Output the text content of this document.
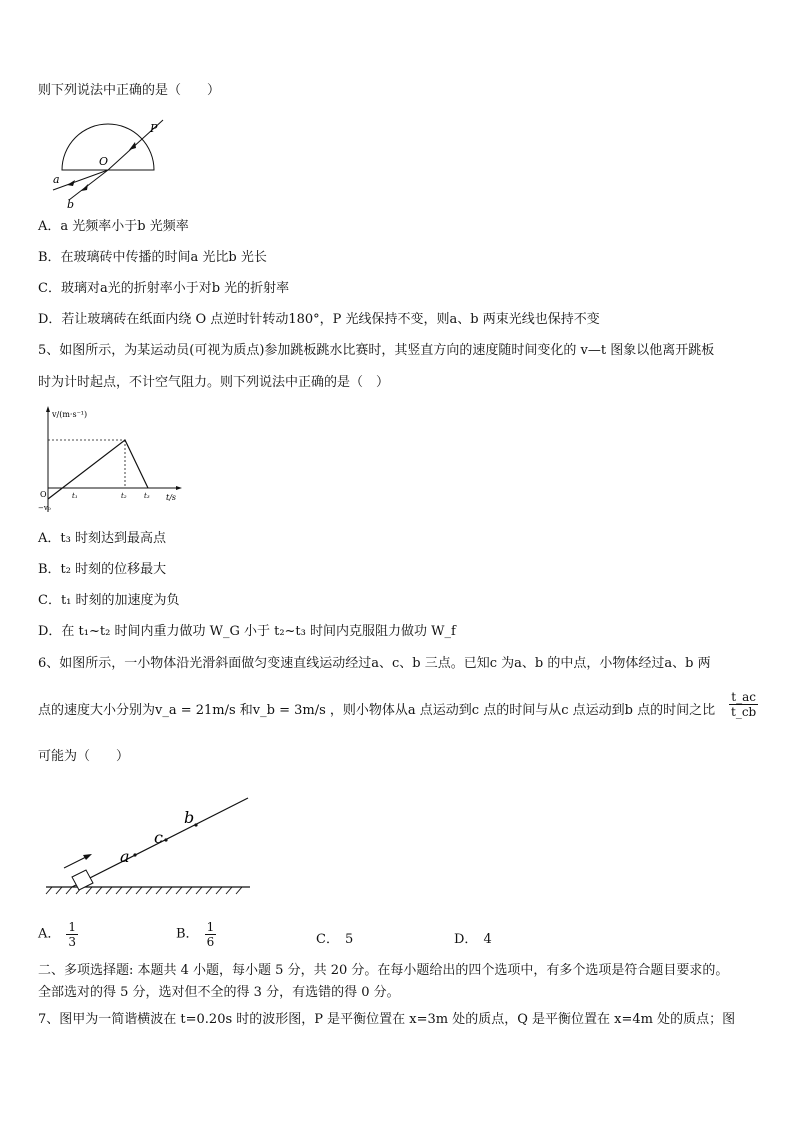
则下列说法中正确的是（　　）
P
O
a
b
A．a 光频率小于b 光频率
B．在玻璃砖中传播的时间a 光比b 光长
C．玻璃对a光的折射率小于对b 光的折射率
D．若让玻璃砖在纸面内绕 O 点逆时针转动180°，P 光线保持不变，则a、b 两束光线也保持不变
5、如图所示，为某运动员(可视为质点)参加跳板跳水比赛时，其竖直方向的速度随时间变化的 v—t 图象以他离开跳板
时为计时起点，不计空气阻力。则下列说法中正确的是（　）
v/(m·s⁻¹)
t/s
O
−v₀
t₁	t₂ t₃
A．t₃ 时刻达到最高点
B．t₂ 时刻的位移最大
C．t₁ 时刻的加速度为负
D．在 t₁~t₂ 时间内重力做功 W_G 小于 t₂~t₃ 时间内克服阻力做功 W_f
6、如图所示，一小物体沿光滑斜面做匀变速直线运动经过a、c、b 三点。已知c 为a、b 的中点，小物体经过a、b 两
点的速度大小分别为v_a = 21m/s 和v_b = 3m/s ，则小物体从a 点运动到c 点的时间与从c 点运动到b 点的时间之比 $\frac{t\_ac}{t\_cb}$
可能为（　　）
a
c
b
A． $\frac{1}{3}$	B． $\frac{1}{6}$	C． 5	D． 4
二、多项选择题: 本题共 4 小题，每小题 5 分，共 20 分。在每小题给出的四个选项中，有多个选项是符合题目要求的。
全部选对的得 5 分，选对但不全的得 3 分，有选错的得 0 分。
7、图甲为一简谐横波在 t=0.20s 时的波形图，P 是平衡位置在 x=3m 处的质点，Q 是平衡位置在 x=4m 处的质点；图
